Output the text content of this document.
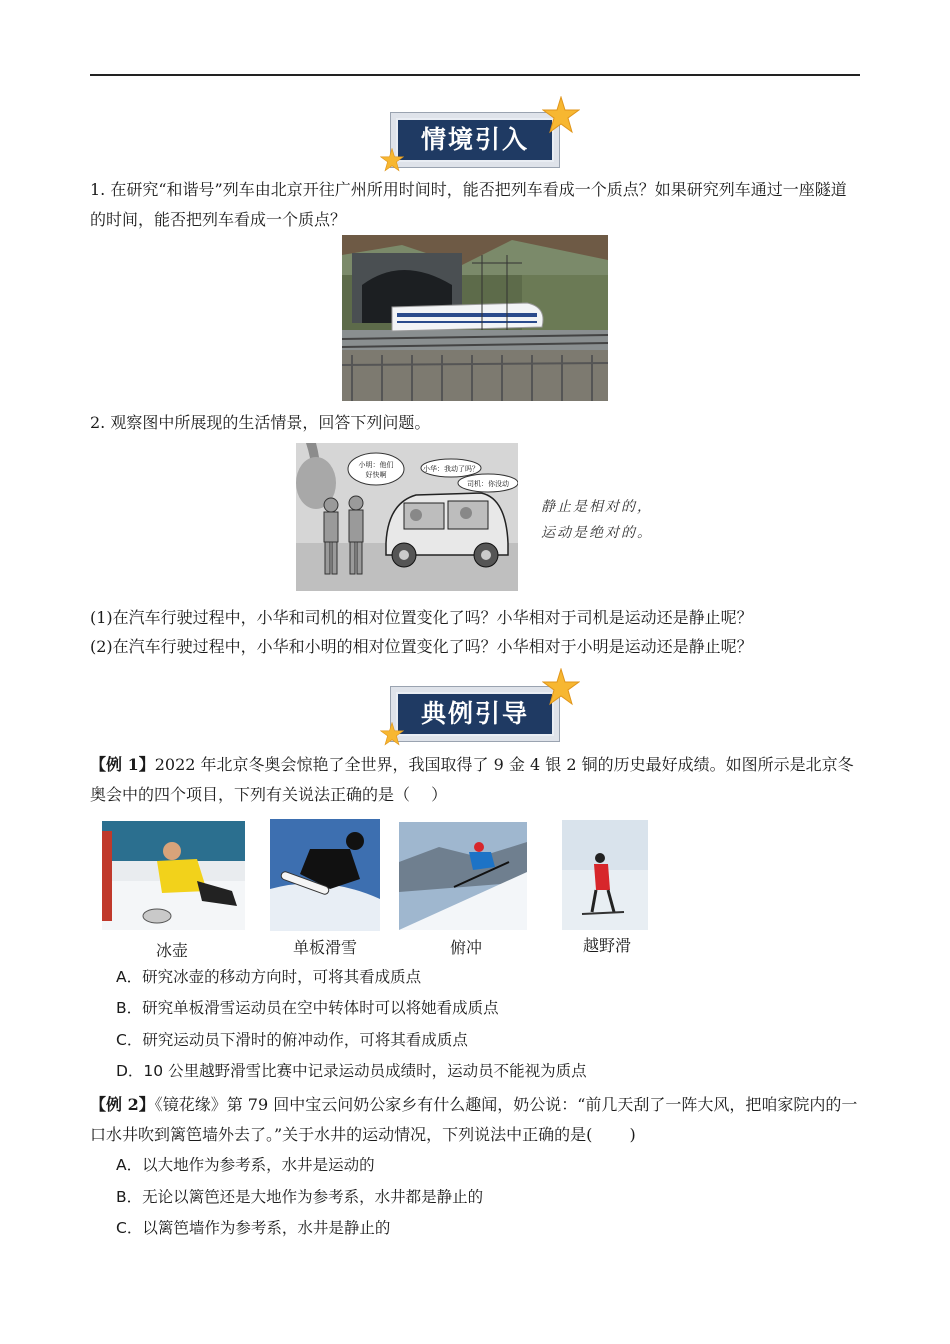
情境引入
1. 在研究“和谐号”列车由北京开往广州所用时间时，能否把列车看成一个质点？如果研究列车通过一座隧道的时间，能否把列车看成一个质点？
2. 观察图中所展现的生活情景，回答下列问题。
小明：他们
好快啊
小华：我动了吗？
司机：你没动
静止是相对的，
运动是绝对的。
(1)在汽车行驶过程中，小华和司机的相对位置变化了吗？小华相对于司机是运动还是静止呢？
(2)在汽车行驶过程中，小华和小明的相对位置变化了吗？小华相对于小明是运动还是静止呢？
典例引导
【例 1】2022 年北京冬奥会惊艳了全世界，我国取得了 9 金 4 银 2 铜的历史最好成绩。如图所示是北京冬奥会中的四个项目，下列有关说法正确的是（　 ）
冰壶	单板滑雪	俯冲	越野滑
A．研究冰壶的移动方向时，可将其看成质点
B．研究单板滑雪运动员在空中转体时可以将她看成质点
C．研究运动员下滑时的俯冲动作，可将其看成质点
D．10 公里越野滑雪比赛中记录运动员成绩时，运动员不能视为质点
【例 2】《镜花缘》第 79 回中宝云问奶公家乡有什么趣闻，奶公说：“前几天刮了一阵大风，把咱家院内的一口水井吹到篱笆墙外去了。”关于水井的运动情况，下列说法中正确的是(　 　)
A．以大地作为参考系，水井是运动的
B．无论以篱笆还是大地作为参考系，水井都是静止的
C．以篱笆墙作为参考系，水井是静止的
